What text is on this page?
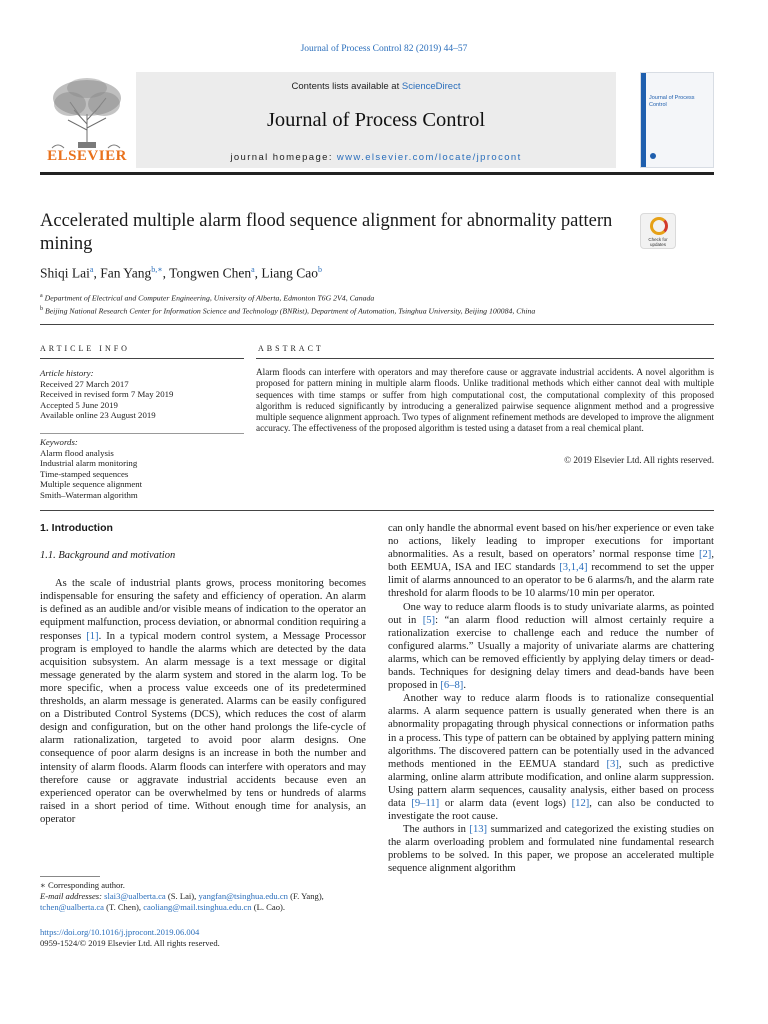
Journal of Process Control 82 (2019) 44–57
ELSEVIER
Contents lists available at ScienceDirect
Journal of Process Control
journal homepage: www.elsevier.com/locate/jprocont
Journal of Process Control
Accelerated multiple alarm flood sequence alignment for abnormality pattern mining	Check for updates
Shiqi Lai$^a$, Fan Yang$^{b,∗}$, Tongwen Chen$^a$, Liang Cao$^b$
$^a$ Department of Electrical and Computer Engineering, University of Alberta, Edmonton T6G 2V4, Canada
$^b$ Beijing National Research Center for Information Science and Technology (BNRist), Department of Automation, Tsinghua University, Beijing 100084, China
ARTICLE INFO	ABSTRACT
Article history:
Received 27 March 2017
Received in revised form 7 May 2019
Accepted 5 June 2019
Available online 23 August 2019
Keywords:
Alarm flood analysis
Industrial alarm monitoring
Time-stamped sequences
Multiple sequence alignment
Smith–Waterman algorithm
Alarm floods can interfere with operators and may therefore cause or aggravate industrial accidents. A novel algorithm is proposed for pattern mining in multiple alarm floods. Unlike traditional methods which either cannot deal with multiple sequences with time stamps or suffer from high computational cost, the computational complexity of this proposed algorithm is reduced significantly by introducing a generalized pairwise sequence alignment method and a progressive multiple sequence alignment approach. Two types of alignment refinement methods are developed to improve the alignment accuracy. The effectiveness of the proposed algorithm is tested using a dataset from a real chemical plant.
© 2019 Elsevier Ltd. All rights reserved.
1. Introduction
1.1. Background and motivation

As the scale of industrial plants grows, process monitoring becomes indispensable for ensuring the safety and efficiency of operation. An alarm is defined as an audible and/or visible means of indication to the operator an equipment malfunction, process deviation, or abnormal condition requiring a responses [1]. In a typical modern control system, a Message Processor program is employed to handle the alarms which are detected by the data acquisition subsystem. An alarm message is a text message or digital message generated by the alarm system and stored in the alarm log. To be more specific, when a process value exceeds one of its predetermined thresholds, an alarm message is generated. Alarms can be easily configured on a Distributed Control Systems (DCS), which reduces the cost of alarm design and configuration, but on the other hand prolongs the life-cycle of alarm rationalization, targeted to avoid poor alarm designs. One consequence of poor alarm designs is an increase in both the number and intensity of alarm floods. Alarm floods can interfere with operators and may therefore cause or aggravate industrial accidents because even an experienced operator can be overwhelmed by tens or hundreds of alarms raised in a short period of time. Without enough time for analysis, an operator

can only handle the abnormal event based on his/her experience or even take no actions, likely leading to improper executions for important abnormalities. As a result, based on operators’ normal response time [2], both EEMUA, ISA and IEC standards [3,1,4] recommend to set the upper limit of alarms announced to an operator to be 6 alarms/h, and the alarm rate threshold for alarm floods to be 10 alarms/10 min per operator.

One way to reduce alarm floods is to study univariate alarms, as pointed out in [5]: “an alarm flood reduction will almost certainly require a rationalization exercise to challenge each and reduce the number of configured alarms.” Usually a majority of univariate alarms are chattering alarms, which can be removed efficiently by applying delay timers or dead-bands. Techniques for designing delay timers and dead-bands have been proposed in [6–8].

Another way to reduce alarm floods is to rationalize consequential alarms. A alarm sequence pattern is usually generated when there is an abnormality propagating through physical connections or information paths in a process. This type of pattern can be obtained by applying pattern mining algorithms. The discovered pattern can be potentially used in the advanced methods mentioned in the EEMUA standard [3], such as predictive alarming, online alarm attribute modification, and online alarm suppression. Using pattern alarm sequences, causality analysis, either based on process data [9–11] or alarm data (event logs) [12], can also be conducted to investigate the root cause.

The authors in [13] summarized and categorized the existing studies on the alarm overloading problem and formulated nine fundamental research problems to be solved. In this paper, we propose an accelerated multiple sequence alignment algorithm

∗ Corresponding author.
E-mail addresses: slai3@ualberta.ca (S. Lai), yangfan@tsinghua.edu.cn (F. Yang), tchen@ualberta.ca (T. Chen), caoliang@mail.tsinghua.edu.cn (L. Cao).
https://doi.org/10.1016/j.jprocont.2019.06.004
0959-1524/© 2019 Elsevier Ltd. All rights reserved.
